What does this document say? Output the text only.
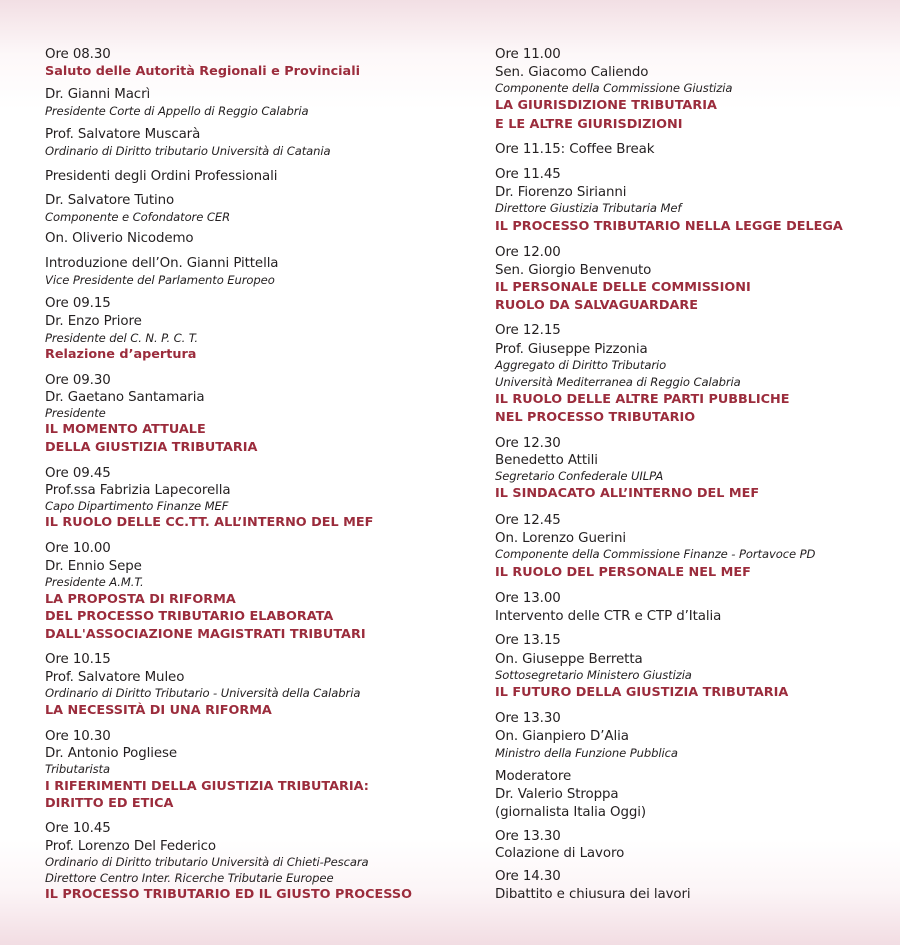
Ore 08.30
Saluto delle Autorità Regionali e Provinciali
Dr. Gianni Macrì
Presidente Corte di Appello di Reggio Calabria
Prof. Salvatore Muscarà
Ordinario di Diritto tributario Università di Catania
Presidenti degli Ordini Professionali
Dr. Salvatore Tutino
Componente e Cofondatore CER
On. Oliverio Nicodemo
Introduzione dell’On. Gianni Pittella
Vice Presidente del Parlamento Europeo
Ore 09.15
Dr. Enzo Priore
Presidente del C. N. P. C. T.
Relazione d’apertura
Ore 09.30
Dr. Gaetano Santamaria
Presidente
IL MOMENTO ATTUALE
DELLA GIUSTIZIA TRIBUTARIA
Ore 09.45
Prof.ssa Fabrizia Lapecorella
Capo Dipartimento Finanze MEF
IL RUOLO DELLE CC.TT. ALL’INTERNO DEL MEF
Ore 10.00
Dr. Ennio Sepe
Presidente A.M.T.
LA PROPOSTA DI RIFORMA
DEL PROCESSO TRIBUTARIO ELABORATA
DALL'ASSOCIAZIONE MAGISTRATI TRIBUTARI
Ore 10.15
Prof. Salvatore Muleo
Ordinario di Diritto Tributario - Università della Calabria
LA NECESSITÀ DI UNA RIFORMA
Ore 10.30
Dr. Antonio Pogliese
Tributarista
I RIFERIMENTI DELLA GIUSTIZIA TRIBUTARIA:
DIRITTO ED ETICA
Ore 10.45
Prof. Lorenzo Del Federico
Ordinario di Diritto tributario Università di Chieti-Pescara
Direttore Centro Inter. Ricerche Tributarie Europee
IL PROCESSO TRIBUTARIO ED IL GIUSTO PROCESSO
Ore 11.00
Sen. Giacomo Caliendo
Componente della Commissione Giustizia
LA GIURISDIZIONE TRIBUTARIA
E LE ALTRE GIURISDIZIONI
Ore 11.15: Coffee Break
Ore 11.45
Dr. Fiorenzo Sirianni
Direttore Giustizia Tributaria Mef
IL PROCESSO TRIBUTARIO NELLA LEGGE DELEGA
Ore 12.00
Sen. Giorgio Benvenuto
IL PERSONALE DELLE COMMISSIONI
RUOLO DA SALVAGUARDARE
Ore 12.15
Prof. Giuseppe Pizzonia
Aggregato di Diritto Tributario
Università Mediterranea di Reggio Calabria
IL RUOLO DELLE ALTRE PARTI PUBBLICHE
NEL PROCESSO TRIBUTARIO
Ore 12.30
Benedetto Attili
Segretario Confederale UILPA
IL SINDACATO ALL’INTERNO DEL MEF
Ore 12.45
On. Lorenzo Guerini
Componente della Commissione Finanze - Portavoce PD
IL RUOLO DEL PERSONALE NEL MEF
Ore 13.00
Intervento delle CTR e CTP d’Italia
Ore 13.15
On. Giuseppe Berretta
Sottosegretario Ministero Giustizia
IL FUTURO DELLA GIUSTIZIA TRIBUTARIA
Ore 13.30
On. Gianpiero D’Alia
Ministro della Funzione Pubblica
Moderatore
Dr. Valerio Stroppa
(giornalista Italia Oggi)
Ore 13.30
Colazione di Lavoro
Ore 14.30
Dibattito e chiusura dei lavori
